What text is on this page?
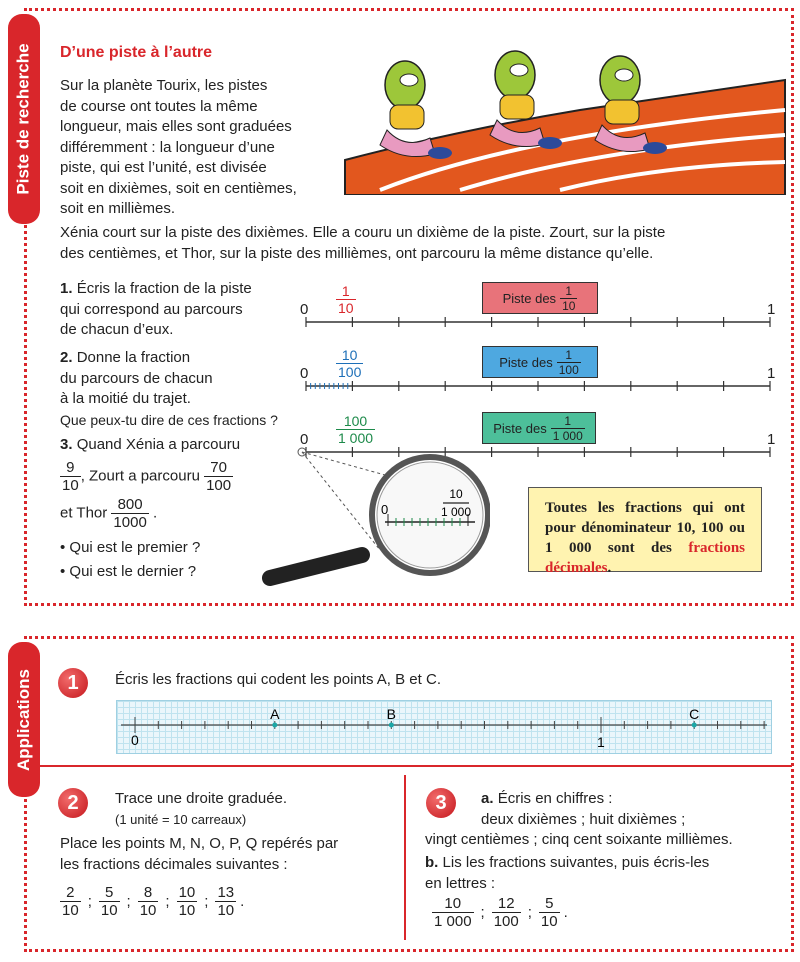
Piste de recherche D’une piste à l’autre
Sur la planète Tourix, les pistes
de course ont toutes la même
longueur, mais elles sont graduées
différemment : la longueur d’une
piste, qui est l’unité, est divisée
soit en dixièmes, soit en centièmes,
soit en millièmes.
Xénia court sur la piste des dixièmes. Elle a couru un dixième de la piste. Zourt, sur la piste
des centièmes, et Thor, sur la piste des millièmes, ont parcouru la même distance qu’elle.
1. Écris la fraction de la piste
qui correspond au parcours
de chacun d’eux.
2. Donne la fraction
du parcours de chacun
à la moitié du trajet.
Que peux-tu dire de ces fractions ?
3. Quand Xénia a parcouru
$\frac{9}{10}$ , Zourt a parcouru $\frac{70}{100}$
et Thor $\frac{800}{1000}$ .
• Qui est le premier ?
• Qui est le dernier ?
$\frac{1}{10}$	Piste des $\frac{1}{10}$
0	1
$\frac{10}{100}$	Piste des $\frac{1}{100}$
0	1
$\frac{100}{1 000}$	Piste des $\frac{1}{1 000}$
0	1
0
10
1 000	Toutes les fractions qui ont pour dénominateur 10, 100 ou 1 000 sont des fractions décimales.
Applications	1	Écris les fractions qui codent les points A, B et C.
A	B	C
0	1
2	Trace une droite graduée.
(1 unité = 10 carreaux)
Place les points M, N, O, P, Q repérés par
les fractions décimales suivantes :
$\frac{2}{10}$ ; $\frac{5}{10}$ ; $\frac{8}{10}$ ; $\frac{10}{10}$ ; $\frac{13}{10}$ .
3	a. Écris en chiffres :
deux dixièmes ; huit dixièmes ;
vingt centièmes ; cinq cent soixante millièmes.
b. Lis les fractions suivantes, puis écris-les
en lettres :
$\frac{10}{1 000}$ ; $\frac{12}{100}$ ; $\frac{5}{10}$ .
